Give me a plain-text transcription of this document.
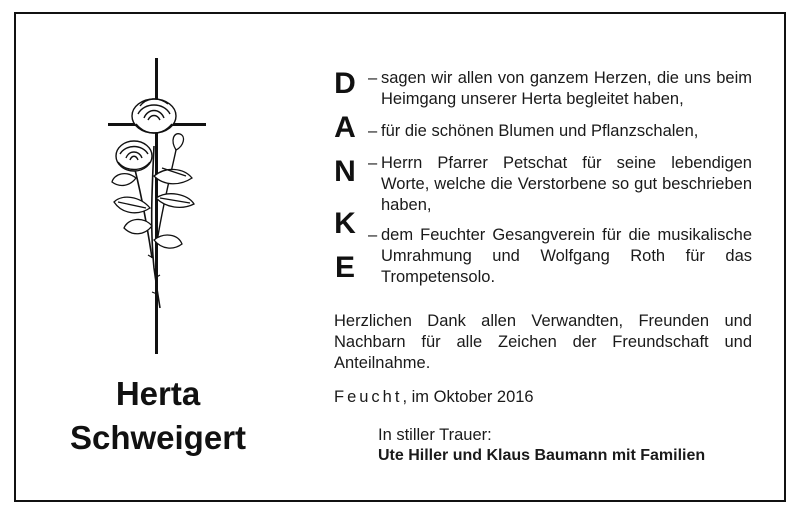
Herta
Schweigert
D
A
N
K
E
– sagen wir allen von ganzem Herzen, die uns beim Heimgang unserer Herta begleitet haben,
– für die schönen Blumen und Pflanzschalen,
– Herrn Pfarrer Petschat für seine lebendigen Worte, welche die Verstorbene so gut beschrieben haben,
– dem Feuchter Gesangverein für die musikalische Umrahmung und Wolfgang Roth für das Trompetensolo.
Herzlichen Dank allen Verwandten, Freunden und Nachbarn für alle Zeichen der Freundschaft und Anteilnahme.
Feucht, im Oktober 2016
In stiller Trauer:
Ute Hiller und Klaus Baumann mit Familien
